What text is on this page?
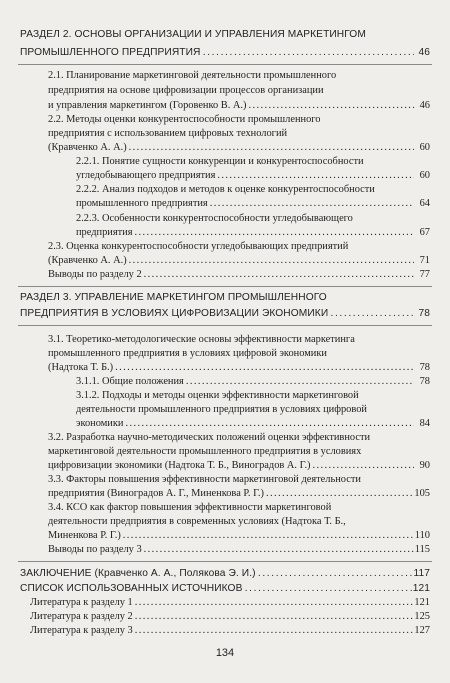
РАЗДЕЛ 2. ОСНОВЫ ОРГАНИЗАЦИИ И УПРАВЛЕНИЯ МАРКЕТИНГОМ
ПРОМЫШЛЕННОГО ПРЕДПРИЯТИЯ . . .	46
2.1. Планирование маркетинговой деятельности промышленного
предприятия на основе цифровизации процессов организации
и управления маркетингом (Горовенко В. А.) . . .	46
2.2. Методы оценки конкурентоспособности промышленного
предприятия с использованием цифровых технологий
(Кравченко А. А.) . . .	60
2.2.1. Понятие сущности конкуренции и конкурентоспособности
угледобывающего предприятия . . .	60
2.2.2. Анализ подходов и методов к оценке конкурентоспособности
промышленного предприятия . . .	64
2.2.3. Особенности конкурентоспособности угледобывающего
предприятия . . .	67
2.3. Оценка конкурентоспособности угледобывающих предприятий
(Кравченко А. А.) . . .	71
Выводы по разделу 2 . . .	77
РАЗДЕЛ 3. УПРАВЛЕНИЕ МАРКЕТИНГОМ ПРОМЫШЛЕННОГО
ПРЕДПРИЯТИЯ В УСЛОВИЯХ ЦИФРОВИЗАЦИИ ЭКОНОМИКИ . . .	78
3.1. Теоретико-методологические основы эффективности маркетинга
промышленного предприятия в условиях цифровой экономики
(Надтока Т. Б.) . . .	78
3.1.1. Общие положения . . .	78
3.1.2. Подходы и методы оценки эффективности маркетинговой
деятельности промышленного предприятия в условиях цифровой
экономики . . .	84
3.2. Разработка научно-методических положений оценки эффективности
маркетинговой деятельности промышленного предприятия в условиях
цифровизации экономики (Надтока Т. Б., Виноградов А. Г.) . . .	90
3.3. Факторы повышения эффективности маркетинговой деятельности
предприятия (Виноградов А. Г., Миненкова Р. Г.) . . .	105
3.4. КСО как фактор повышения эффективности маркетинговой
деятельности предприятия в современных условиях (Надтока Т. Б.,
Миненкова Р. Г.) . . .	110
Выводы по разделу 3 . . .	115
ЗАКЛЮЧЕНИЕ (Кравченко А. А., Полякова Э. И.) . . .	117
СПИСОК ИСПОЛЬЗОВАННЫХ ИСТОЧНИКОВ . . .	121
Литература к разделу 1 . . .	121
Литература к разделу 2 . . .	125
Литература к разделу 3 . . .	127
134
